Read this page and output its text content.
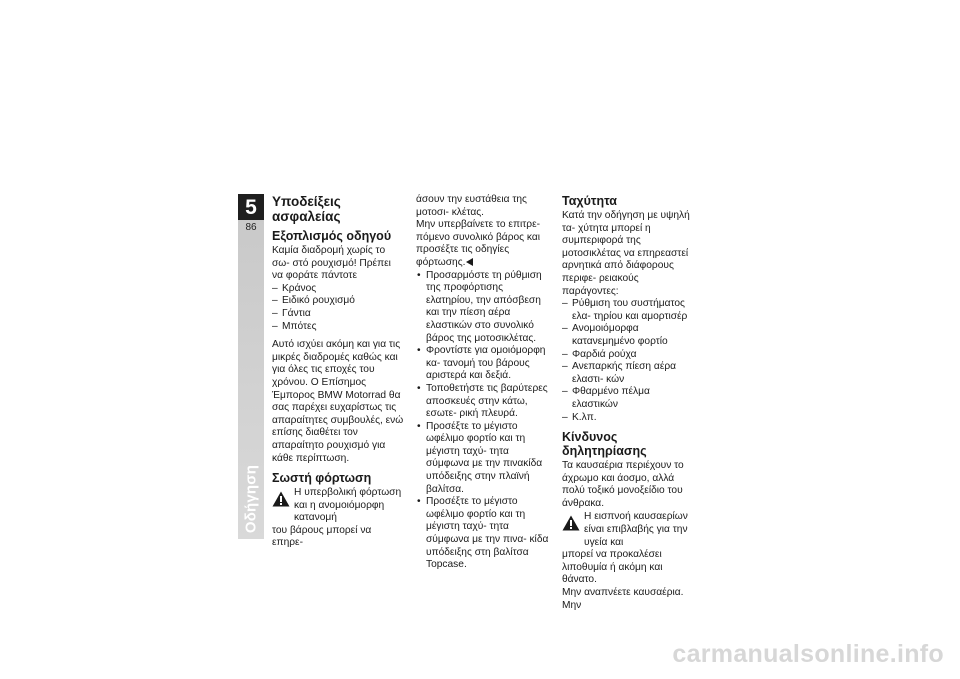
5
86
Οδήγηση
Υποδείξεις ασφαλείας
Εξοπλισμός οδηγού

Καμία διαδρομή χωρίς το σω- στό ρουχισμό! Πρέπει να φοράτε πάντοτε

– Κράνος
– Ειδικό ρουχισμό
– Γάντια
– Μπότες

Αυτό ισχύει ακόμη και για τις μικρές διαδρομές καθώς και για όλες τις εποχές του χρόνου. Ο Επίσημος Έμπορος BMW Motorrad θα σας παρέχει ευχαρίστως τις απαραίτητες συμβουλές, ενώ επίσης διαθέτει τον απαραίτητο ρουχισμό για κάθε περίπτωση.

Σωστή φόρτωση
Η υπερβολική φόρτωση και η ανομοιόμορφη κατανομή

του βάρους μπορεί να επηρε-

άσουν την ευστάθεια της μοτοσι- κλέτας.

Μην υπερβαίνετε το επιτρε- πόμενο συνολικό βάρος και προσέξτε τις οδηγίες φόρτωσης.

• Προσαρμόστε τη ρύθμιση της προφόρτισης ελατηρίου, την απόσβεση και την πίεση αέρα ελαστικών στο συνολικό βάρος της μοτοσικλέτας.
• Φροντίστε για ομοιόμορφη κα- τανομή του βάρους αριστερά και δεξιά.
• Τοποθετήστε τις βαρύτερες αποσκευές στην κάτω, εσωτε- ρική πλευρά.
• Προσέξτε το μέγιστο ωφέλιμο φορτίο και τη μέγιστη ταχύ- τητα σύμφωνα με την πινακίδα υπόδειξης στην πλαϊνή βαλίτσα.
• Προσέξτε το μέγιστο ωφέλιμο φορτίο και τη μέγιστη ταχύ- τητα σύμφωνα με την πινα- κίδα υπόδειξης στη βαλίτσα Topcase.
Ταχύτητα

Κατά την οδήγηση με υψηλή τα- χύτητα μπορεί η συμπεριφορά της μοτοσικλέτας να επηρεαστεί αρνητικά από διάφορους περιφε- ρειακούς παράγοντες:

– Ρύθμιση του συστήματος ελα- τηρίου και αμορτισέρ
– Ανομοιόμορφα κατανεμημένο φορτίο
– Φαρδιά ρούχα
– Ανεπαρκής πίεση αέρα ελαστι- κών
– Φθαρμένο πέλμα ελαστικών
– Κ.λπ.
Κίνδυνος δηλητηρίασης

Τα καυσαέρια περιέχουν το άχρωμο και άοσμο, αλλά πολύ τοξικό μονοξείδιο του άνθρακα.

Η εισπνοή καυσαερίων είναι επιβλαβής για την υγεία και

μπορεί να προκαλέσει λιποθυμία ή ακόμη και θάνατο.

Μην αναπνέετε καυσαέρια. Μην

carmanualsonline.info
